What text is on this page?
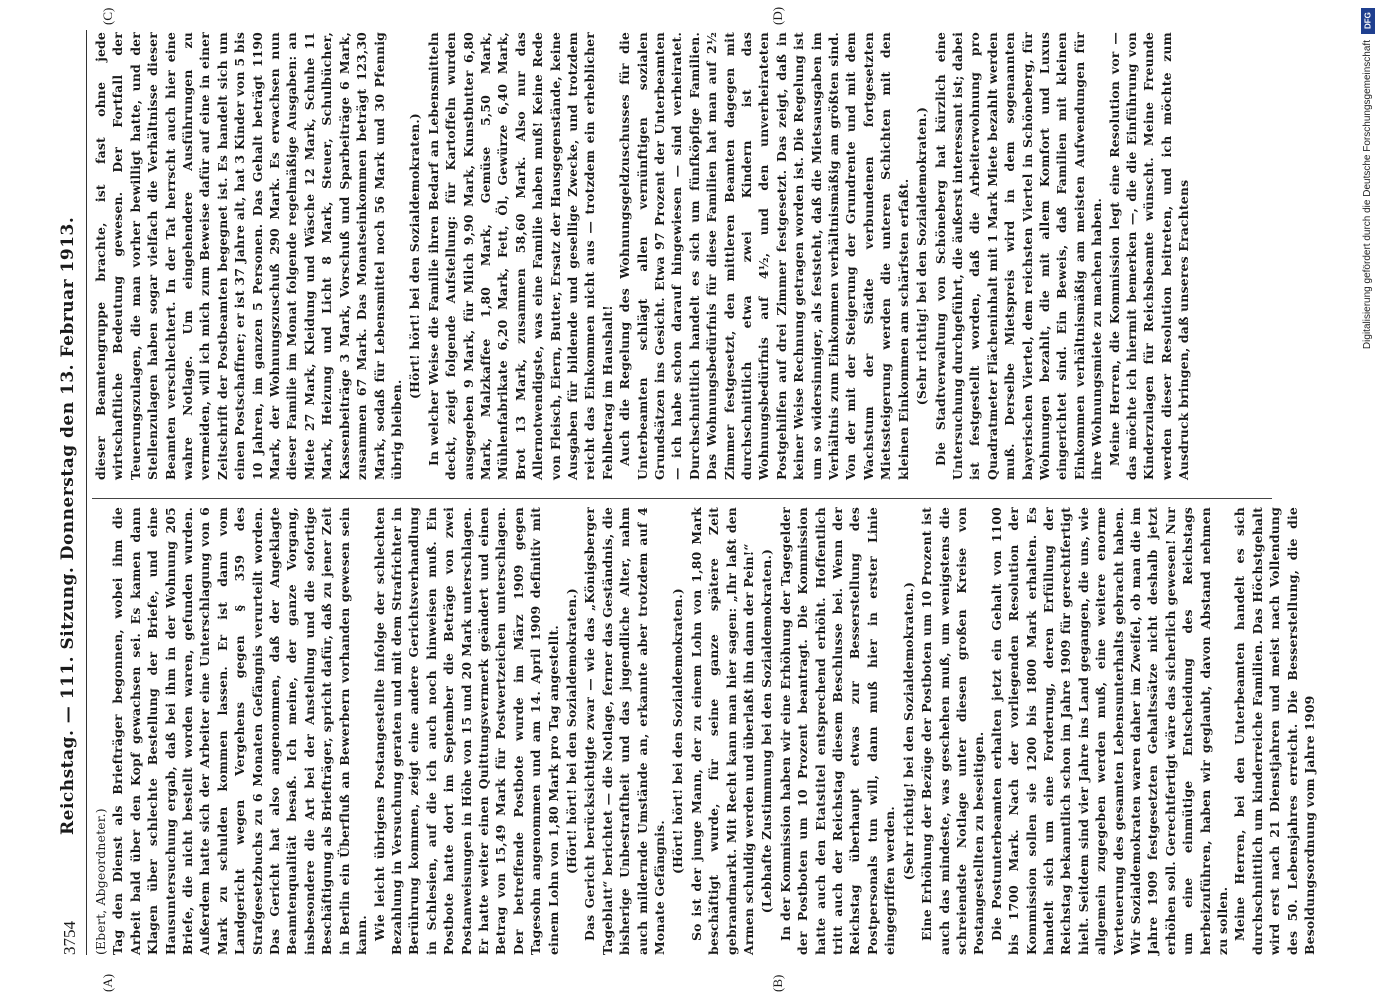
3754
Reichstag. — 111. Sitzung. Donnerstag den 13. Februar 1913.
(A)	(B)
(C)	(D)

(Ebert, Abgeordneter.) Tag den Dienst als Briefträger begonnen, wobei ihm die Arbeit bald über den Kopf gewachsen sei. Es kamen dann Klagen über schlechte Bestellung der Briefe, und eine Hausuntersuchung ergab, daß bei ihm in der Wohnung 205 Briefe, die nicht bestellt worden waren, gefunden wurden. Außerdem hatte sich der Arbeiter eine Unterschlagung von 6 Mark zu schulden kommen lassen. Er ist dann vom Landgericht wegen Vergehens gegen § 359 des Strafgesetzbuchs zu 6 Monaten Gefängnis verurteilt worden. Das Gericht hat also angenommen, daß der Angeklagte Beamtenqualität besaß. Ich meine, der ganze Vorgang, insbesondere die Art bei der Anstellung und die sofortige Beschäftigung als Briefträger, spricht dafür, daß zu jener Zeit in Berlin ein Überfluß an Bewerbern vorhanden gewesen sein kann. Wie leicht übrigens Postangestellte infolge der schlechten Bezahlung in Versuchung geraten und mit dem Strafrichter in Berührung kommen, zeigt eine andere Gerichtsverhandlung in Schlesien, auf die ich auch noch hinweisen muß. Ein Postbote hatte dort im September die Beträge von zwei Postanweisungen in Höhe von 15 und 20 Mark unterschlagen. Er hatte weiter einen Quittungsvermerk geändert und einen Betrag von 15,49 Mark für Postwertzeichen unterschlagen. Der betreffende Postbote wurde im März 1909 gegen Tagesohn angenommen und am 14. April 1909 definitiv mit einem Lohn von 1,80 Mark pro Tag angestellt. (Hört! hört! bei den Sozialdemokraten.) Das Gericht berücksichtigte zwar — wie das „Königsberger Tageblatt“ berichtet — die Notlage, ferner das Geständnis, die bisherige Unbestraftheit und das jugendliche Alter, nahm auch mildernde Umstände an, erkannte aber trotzdem auf 4 Monate Gefängnis.

(Hört! hört! bei den Sozialdemokraten.) So ist der junge Mann, der zu einem Lohn von 1,80 Mark beschäftigt wurde, für seine ganze spätere Zeit gebrandmarkt. Mit Recht kann man hier sagen: „Ihr laßt den Armen schuldig werden und überlaßt ihn dann der Pein!“ (Lebhafte Zustimmung bei den Sozialdemokraten.) In der Kommission haben wir eine Erhöhung der Tagegelder der Postboten um 10 Prozent beantragt. Die Kommission hatte auch den Etatstitel entsprechend erhöht. Hoffentlich tritt auch der Reichstag diesem Beschlusse bei. Wenn der Reichstag überhaupt etwas zur Besserstellung des Postpersonals tun will, dann muß hier in erster Linie eingegriffen werden.

(Sehr richtig! bei den Sozialdemokraten.) Eine Erhöhung der Bezüge der Postboten um 10 Prozent ist auch das mindeste, was geschehen muß, um wenigstens die schreiendste Notlage unter diesen großen Kreise von Postangestellten zu beseitigen. Die Postunterbeamten erhalten jetzt ein Gehalt von 1100 bis 1700 Mark. Nach der vorliegenden Resolution der Kommission sollen sie 1200 bis 1800 Mark erhalten. Es handelt sich um eine Forderung, deren Erfüllung der Reichstag bekanntlich schon im Jahre 1909 für gerechtfertigt hielt. Seitdem sind vier Jahre ins Land gegangen, die uns, wie allgemein zugegeben werden muß, eine weitere enorme Verteuerung des gesamten Lebensunterhalts gebracht haben. Wir Sozialdemokraten waren daher im Zweifel, ob man die im Jahre 1909 festgesetzten Gehaltssätze nicht deshalb jetzt erhöhen soll. Gerechtfertigt wäre das sicherlich gewesen! Nur um eine einmütige Entscheidung des Reichstags herbeizuführen, haben wir geglaubt, davon Abstand nehmen zu sollen. Meine Herren, bei den Unterbeamten handelt es sich durchschnittlich um kinderreiche Familien. Das Höchstgehalt wird erst nach 21 Dienstjahren und meist nach Vollendung des 50. Lebensjahres erreicht. Die Besserstellung, die die Besoldungsordnung vom Jahre 1909

dieser Beamtengruppe brachte, ist fast ohne jede wirtschaftliche Bedeutung gewesen. Der Fortfall der Teuerungszulagen, die man vorher bewilligt hatte, und der Stellenzulagen haben sogar vielfach die Verhältnisse dieser Beamten verschlechtert. In der Tat herrscht auch hier eine wahre Notlage. Um eingehendere Ausführungen zu vermeiden, will ich mich zum Beweise dafür auf eine in einer Zeitschrift der Postbeamten begegnet ist. Es handelt sich um einen Postschaffner; er ist 37 Jahre alt, hat 3 Kinder von 5 bis 10 Jahren, im ganzen 5 Personen. Das Gehalt beträgt 1190 Mark, der Wohnungszuschuß 290 Mark. Es erwachsen nun dieser Familie im Monat folgende regelmäßige Ausgaben: an Miete 27 Mark, Kleidung und Wäsche 12 Mark, Schuhe 11 Mark, Heizung und Licht 8 Mark, Steuer, Schulbücher, Kassenbeiträge 3 Mark, Vorschuß und Sparbeiträge 6 Mark, zusammen 67 Mark. Das Monatseinkommen beträgt 123,30 Mark, sodaß für Lebensmittel noch 56 Mark und 30 Pfennig übrig bleiben.

(Hört! hört! bei den Sozialdemokraten.) In welcher Weise die Familie ihren Bedarf an Lebensmitteln deckt, zeigt folgende Aufstellung: für Kartoffeln wurden ausgegeben 9 Mark, für Milch 9,90 Mark, Kunstbutter 6,80 Mark, Malzkaffee 1,80 Mark, Gemüse 5,50 Mark, Mühlenfabrikate 6,20 Mark, Fett, Öl, Gewürze 6,40 Mark, Brot 13 Mark, zusammen 58,60 Mark. Also nur das Allernotwendigste, was eine Familie haben muß! Keine Rede von Fleisch, Eiern, Butter, Ersatz der Hausgegenstände, keine Ausgaben für bildende und gesellige Zwecke, und trotzdem reicht das Einkommen nicht aus — trotzdem ein erheblicher Fehlbetrag im Haushalt! Auch die Regelung des Wohnungsgeldzuschusses für die Unterbeamten schlägt allen vernünftigen sozialen Grundsätzen ins Gesicht. Etwa 97 Prozent der Unterbeamten — ich habe schon darauf hingewiesen — sind verheiratet. Durchschnittlich handelt es sich um fünfköpfige Familien. Das Wohnungsbedürfnis für diese Familien hat man auf 2½ Zimmer festgesetzt, den mittleren Beamten dagegen mit durchschnittlich etwa zwei Kindern ist das Wohnungsbedürfnis auf 4½, und den unverheirateten Postgehilfen auf drei Zimmer festgesetzt. Das zeigt, daß in keiner Weise Rechnung getragen worden ist. Die Regelung ist um so widersinniger, als feststeht, daß die Mietsausgaben im Verhältnis zum Einkommen verhältnismäßig am größten sind. Von der mit der Steigerung der Grundrente und mit dem Wachstum der Städte verbundenen fortgesetzten Mietssteigerung werden die unteren Schichten mit den kleinen Einkommen am schärfsten erfaßt. (Sehr richtig! bei den Sozialdemokraten.) Die Stadtverwaltung von Schöneberg hat kürzlich eine Untersuchung durchgeführt, die äußerst interessant ist; dabei ist festgestellt worden, daß die Arbeiterwohnung pro Quadratmeter Flächeninhalt mit 1 Mark Miete bezahlt werden muß. Derselbe Mietspreis wird in dem sogenannten bayerischen Viertel, dem reichsten Viertel in Schöneberg, für Wohnungen bezahlt, die mit allem Komfort und Luxus eingerichtet sind. Ein Beweis, daß Familien mit kleinen Einkommen verhältnismäßig am meisten Aufwendungen für ihre Wohnungsmiete zu machen haben. Meine Herren, die Kommission legt eine Resolution vor — das möchte ich hiermit bemerken —, die die Einführung von Kinderzulagen für Reichsbeamte wünscht. Meine Freunde werden dieser Resolution beitreten, und ich möchte zum Ausdruck bringen, daß unseres Erachtens

DFG
Digitalisierung gefördert durch die Deutsche Forschungsgemeinschaft
